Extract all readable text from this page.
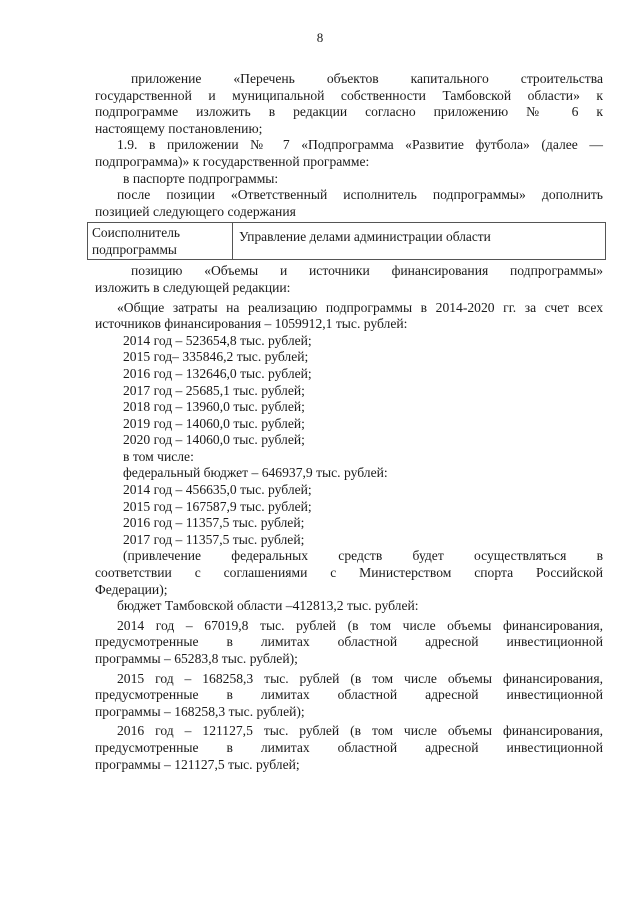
8

приложение «Перечень объектов капитального строительства
государственной и муниципальной собственности Тамбовской области» к
подпрограмме изложить в редакции согласно приложению № 6 к
настоящему постановлению;

1.9. в приложении № 7 «Подпрограмма «Развитие футбола» (далее —
подпрограмма)» к государственной программе:

в паспорте подпрограммы:

после позиции «Ответственный исполнитель подпрограммы» дополнить
позицией следующего содержания

Соисполнитель
подпрограммы
Управление делами администрации области

позицию «Объемы и источники финансирования подпрограммы»
изложить в следующей редакции:

«Общие затраты на реализацию подпрограммы в 2014-2020 гг. за счет всех
источников финансирования – 1059912,1 тыс. рублей:

2014 год – 523654,8 тыс. рублей;
2015 год– 335846,2 тыс. рублей;
2016 год – 132646,0 тыс. рублей;
2017 год – 25685,1 тыс. рублей;
2018 год – 13960,0 тыс. рублей;
2019 год – 14060,0 тыс. рублей;
2020 год – 14060,0 тыс. рублей;
в том числе:
федеральный бюджет – 646937,9 тыс. рублей:
2014 год – 456635,0 тыс. рублей;
2015 год – 167587,9 тыс. рублей;
2016 год – 11357,5 тыс. рублей;
2017 год – 11357,5 тыс. рублей;

(привлечение федеральных средств будет осуществляться в
соответствии с соглашениями с Министерством спорта Российской
Федерации);

бюджет Тамбовской области –412813,2 тыс. рублей:

2014 год – 67019,8 тыс. рублей (в том числе объемы финансирования,
предусмотренные в лимитах областной адресной инвестиционной
программы – 65283,8 тыс. рублей);

2015 год – 168258,3 тыс. рублей (в том числе объемы финансирования,
предусмотренные в лимитах областной адресной инвестиционной
программы – 168258,3 тыс. рублей);

2016 год – 121127,5 тыс. рублей (в том числе объемы финансирования,
предусмотренные в лимитах областной адресной инвестиционной
программы – 121127,5 тыс. рублей;
